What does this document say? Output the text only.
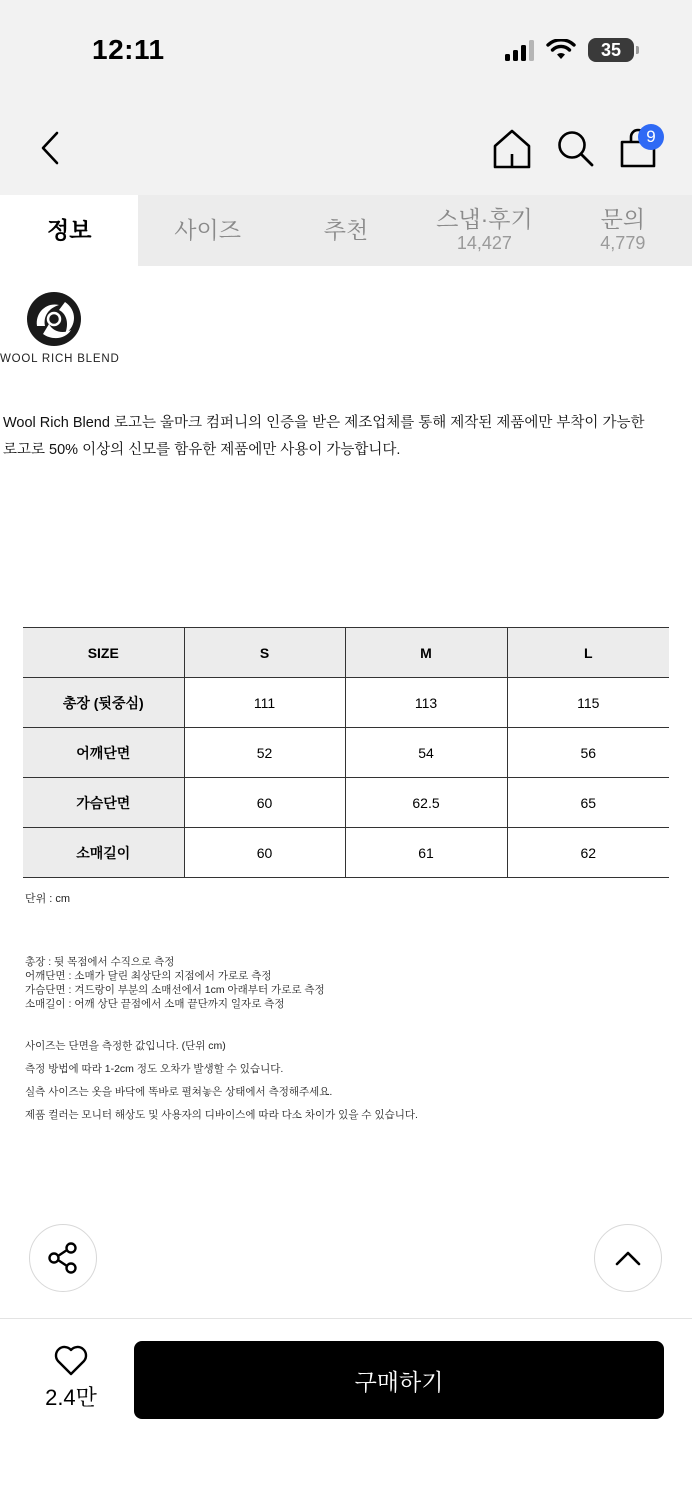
12:11	35
9
정보	사이즈	추천	스냅·후기
14,427
문의
4,779
WOOL RICH BLEND
Wool Rich Blend 로고는 울마크 컴퍼니의 인증을 받은 제조업체를 통해 제작된 제품에만 부착이 가능한
로고로 50% 이상의 신모를 함유한 제품에만 사용이 가능합니다.
SIZE	S	M	L
총장 (뒷중심)	111	113	115
어깨단면	52	54	56
가슴단면	60	62.5	65
소매길이	60	61	62
단위 : cm
총장 : 뒷 목점에서 수직으로 측정
어깨단면 : 소매가 달린 최상단의 지점에서 가로로 측정
가슴단면 : 겨드랑이 부분의 소매선에서 1cm 아래부터 가로로 측정
소매길이 : 어깨 상단 끝점에서 소매 끝단까지 일자로 측정
사이즈는 단면을 측정한 값입니다. (단위 cm)
측정 방법에 따라 1-2cm 정도 오차가 발생할 수 있습니다.
실측 사이즈는 옷을 바닥에 똑바로 펼쳐놓은 상태에서 측정해주세요.
제품 컬러는 모니터 해상도 및 사용자의 디바이스에 따라 다소 차이가 있을 수 있습니다.
2.4만
구매하기
